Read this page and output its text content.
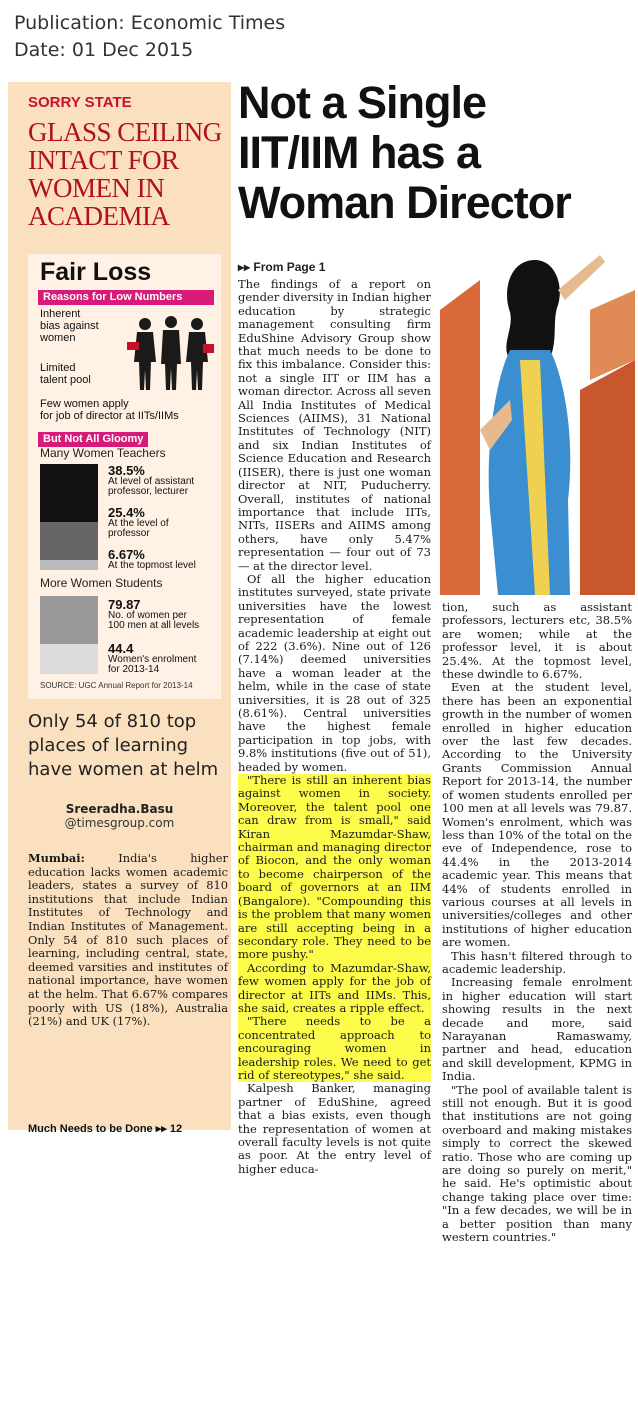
Publication: Economic Times
Date: 01 Dec 2015
SORRY STATE
GLASS CEILING
INTACT FOR
WOMEN IN
ACADEMIA
Fair Loss
Reasons for Low Numbers
Inherent
bias against
women
Limited
talent pool
Few women apply
for job of director at IITs/IIMs
But Not All Gloomy
Many Women Teachers
38.5%
At level of assistant
professor, lecturer
25.4%
At the level of
professor
6.67%
At the topmost level
More Women Students
79.87
No. of women per
100 men at all levels
44.4
Women's enrolment
for 2013-14
SOURCE: UGC Annual Report for 2013-14
Only 54 of 810 top places of learning have women at helm
Sreeradha.Basu
@timesgroup.com
Mumbai:	India's higher education lacks women academic leaders, states a survey of 810 institutions that include Indian Institutes of Technology and Indian Institutes of Management. Only 54 of 810 such places of learning, including central, state, deemed varsities and institutes of national importance, have women at the helm. That 6.67% compares poorly with US (18%), Australia (21%) and UK (17%).
Much Needs to be Done ▸▸ 12
Not a Single
IIT/IIM has a
Woman Director
▸▸ From Page 1

The findings of a report on gender diversity in Indian higher education by strategic management consulting firm EduShine Advisory Group show that much needs to be done to fix this imbalance. Consider this: not a single IIT or IIM has a woman director. Across all seven All India Institutes of Medical Sciences (AIIMS), 31 National Institutes of Technology (NIT) and six Indian Institutes of Science Education and Research (IISER), there is just one woman director at NIT, Puducherry. Overall, institutes of national importance that include IITs, NITs, IISERs and AIIMS among others, have only 5.47% representation — four out of 73 — at the director level.

Of all the higher education institutes surveyed, state private universities have the lowest representation of female academic leadership at eight out of 222 (3.6%). Nine out of 126 (7.14%) deemed universities have a woman leader at the helm, while in the case of state universities, it is 28 out of 325 (8.61%). Central universities have the highest female participation in top jobs, with 9.8% institutions (five out of 51), headed by women.

"There is still an inherent bias against women in society. Moreover, the talent pool one can draw from is small," said Kiran Mazumdar-Shaw, chairman and managing director of Biocon, and the only woman to become chairperson of the board of governors at an IIM (Bangalore). "Compounding this is the problem that many women are still accepting being in a secondary role. They need to be more pushy."

According to Mazumdar-Shaw, few women apply for the job of director at IITs and IIMs. This, she said, creates a ripple effect.

"There needs to be a concentrated approach to encouraging women in leadership roles. We need to get rid of stereotypes," she said.

Kalpesh Banker, managing partner of EduShine, agreed that a bias exists, even though the representation of women at overall faculty levels is not quite as poor. At the entry level of higher educa-

tion, such as assistant professors, lecturers etc, 38.5% are women; while at the professor level, it is about 25.4%. At the topmost level, these dwindle to 6.67%.

Even at the student level, there has been an exponential growth in the number of women enrolled in higher education over the last few decades. According to the University Grants Commission Annual Report for 2013-14, the number of women students enrolled per 100 men at all levels was 79.87. Women's enrolment, which was less than 10% of the total on the eve of Independence, rose to 44.4% in the 2013-2014 academic year. This means that 44% of students enrolled in various courses at all levels in universities/colleges and other institutions of higher education are women.

This hasn't filtered through to academic leadership.

Increasing female enrolment in higher education will start showing results in the next decade and more, said Narayanan Ramaswamy, partner and head, education and skill development, KPMG in India.

"The pool of available talent is still not enough. But it is good that institutions are not going overboard and making mistakes simply to correct the skewed ratio. Those who are coming up are doing so purely on merit," he said. He's optimistic about change taking place over time: "In a few decades, we will be in a better position than many western countries."
